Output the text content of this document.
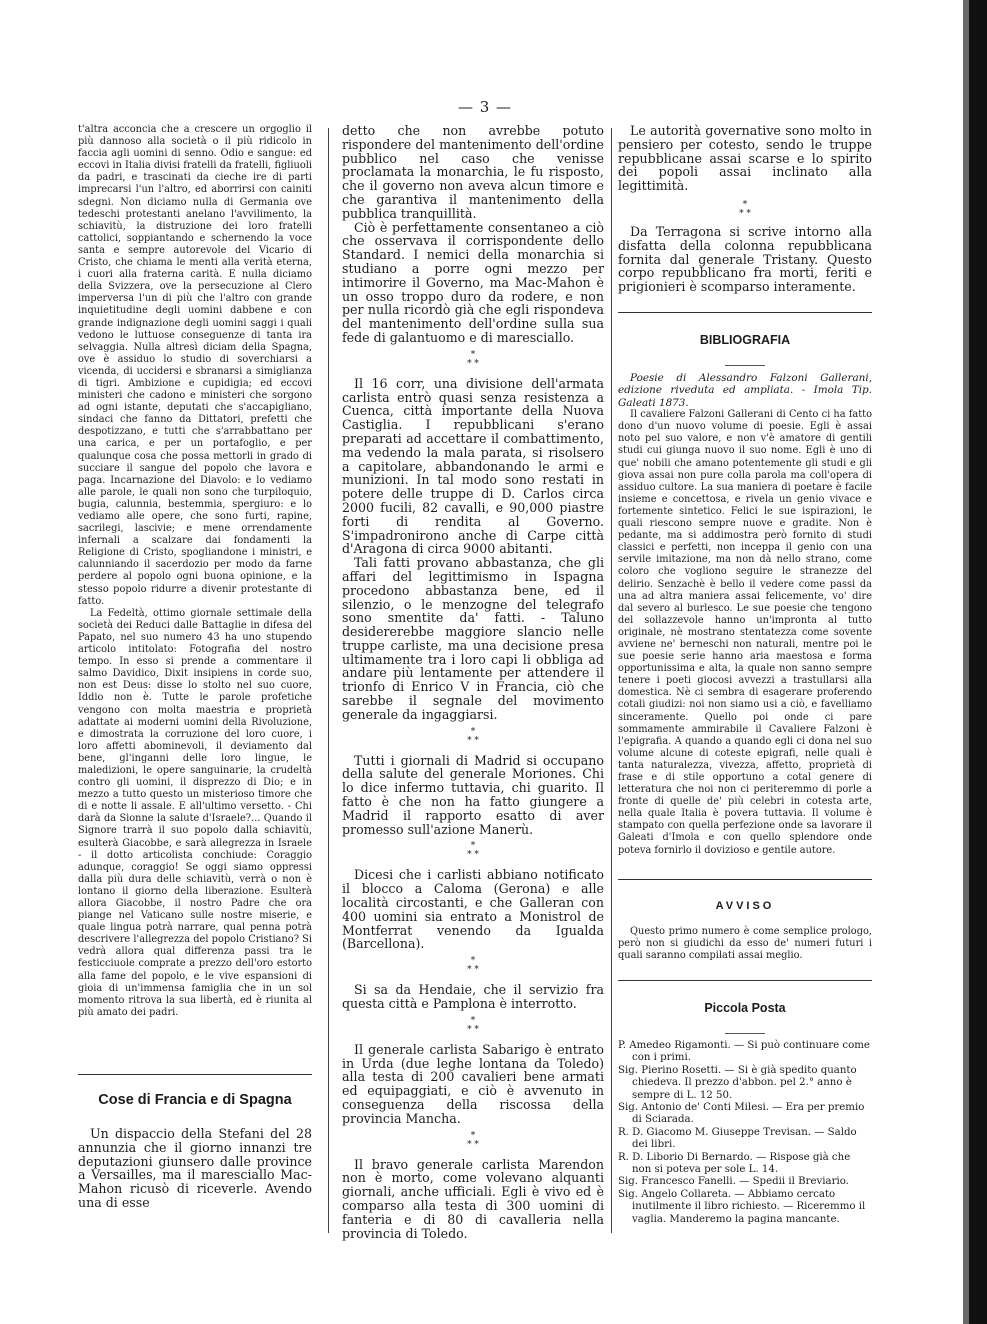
— 3 —

t'altra acconcia che a crescere un orgoglio il più dannoso alla società o il più ridicolo in faccia agli uomini di senno. Odio e sangue: ed eccovi in Italia divisi fratelli da fratelli, figliuoli da padri, e trascinati da cieche ire di parti imprecarsi l'un l'altro, ed aborrirsi con cainiti sdegni. Non diciamo nulla di Germania ove tedeschi protestanti anelano l'avvilimento, la schiavitù, la distruzione dei loro fratelli cattolici, soppiantando e schernendo la voce santa e sempre autorevole del Vicario di Cristo, che chiama le menti alla verità eterna, i cuori alla fraterna carità. E nulla diciamo della Svizzera, ove la persecuzione al Clero imperversa l'un di più che l'altro con grande inquietitudine degli uomini dabbene e con grande indignazione degli uomini saggi i quali vedono le luttuose conseguenze di tanta ira selvaggia. Nulla altresì diciam della Spagna, ove è assiduo lo studio di soverchiarsi a vicenda, di uccidersi e sbranarsi a simiglianza di tigri. Ambizione e cupidigia; ed eccovi ministeri che cadono e ministeri che sorgono ad ogni istante, deputati che s'accapigliano, sindaci che fanno da Dittatori, prefetti che despotizzano, e tutti che s'arrabbattano per una carica, e per un portafoglio, e per qualunque cosa che possa mettorli in grado di succiare il sangue del popolo che lavora e paga. Incarnazione del Diavolo: e lo vediamo alle parole, le quali non sono che turpiloquio, bugia, calunnia, bestemmia, spergiuro: e lo vediamo alle opere, che sono furti, rapine, sacrilegi, lascivie; e mene orrendamente infernali a scalzare dai fondamenti la Religione di Cristo, spogliandone i ministri, e calunniando il sacerdozio per modo da farne perdere al popolo ogni buona opinione, e la stesso popolo ridurre a divenir protestante di fatto.

La Fedeltà, ottimo giornale settimale della società dei Reduci dalle Battaglie in difesa del Papato, nel suo numero 43 ha uno stupendo articolo intitolato: Fotografia del nostro tempo. In esso si prende a commentare il salmo Davidico, Dixit insipiens in corde suo, non est Deus: disse lo stolto nel suo cuore, Iddio non è. Tutte le parole profetiche vengono con molta maestria e proprietà adattate ai moderni uomini della Rivoluzione, e dimostrata la corruzione del loro cuore, i loro affetti abominevoli, il deviamento dal bene, gl'inganni delle loro lingue, le maledizioni, le opere sanguinarie, la crudeltà contro gli uomini, il disprezzo di Dio; e in mezzo a tutto questo un misterioso timore che di e notte li assale. E all'ultimo versetto. - Chi darà da Sionne la salute d'Israele?... Quando il Signore trarrà il suo popolo dalla schiavitù, esulterà Giacobbe, e sarà allegrezza in Israele - il dotto articolista conchiude: Coraggio adunque, coraggio! Se oggi siamo oppressi dalla più dura delle schiavitù, verrà o non è lontano il giorno della liberazione. Esulterà allora Giacobbe, il nostro Padre che ora piange nel Vaticano sulle nostre miserie, e quale lingua potrà narrare, qual penna potrà descrivere l'allegrezza del popolo Cristiano? Si vedrà allora qual differenza passi tra le festicciuole comprate a prezzo dell'oro estorto alla fame del popolo, e le vive espansioni di gioia di un'immensa famiglia che in un sol momento ritrova la sua libertà, ed è riunita al più amato dei padri.

Cose di Francia e di Spagna

Un dispaccio della Stefani del 28 annunzia che il giorno innanzi tre deputazioni giunsero dalle province a Versailles, ma il maresciallo Mac-Mahon ricusò di riceverle. Avendo una di esse

detto che non avrebbe potuto rispondere del mantenimento dell'ordine pubblico nel caso che venisse proclamata la monarchia, le fu risposto, che il governo non aveva alcun timore e che garantiva il mantenimento della pubblica tranquillità.

Ciò è perfettamente consentaneo a ciò che osservava il corrispondente dello Standard. I nemici della monarchia si studiano a porre ogni mezzo per intimorire il Governo, ma Mac-Mahon è un osso troppo duro da rodere, e non per nulla ricordò già che egli rispondeva del mantenimento dell'ordine sulla sua fede di galantuomo e di maresciallo.

*
* *

Il 16 corr, una divisione dell'armata carlista entrò quasi senza resistenza a Cuenca, città importante della Nuova Castiglia. I repubblicani s'erano preparati ad accettare il combattimento, ma vedendo la mala parata, si risolsero a capitolare, abbandonando le armi e munizioni. In tal modo sono restati in potere delle truppe di D. Carlos circa 2000 fucili, 82 cavalli, e 90,000 piastre forti di rendita al Governo. S'impadronirono anche di Carpe città d'Aragona di circa 9000 abitanti.

Tali fatti provano abbastanza, che gli affari del legittimismo in Ispagna procedono abbastanza bene, ed il silenzio, o le menzogne del telegrafo sono smentite da' fatti. - Taluno desidererebbe maggiore slancio nelle truppe carliste, ma una decisione presa ultimamente tra i loro capi li obbliga ad andare più lentamente per attendere il trionfo di Enrico V in Francia, ciò che sarebbe il segnale del movimento generale da ingaggiarsi.

*
* *

Tutti i giornali di Madrid si occupano della salute del generale Moriones. Chi lo dice infermo tuttavia, chi guarito. Il fatto è che non ha fatto giungere a Madrid il rapporto esatto di aver promesso sull'azione Manerù.

*
* *

Dicesi che i carlisti abbiano notificato il blocco a Caloma (Gerona) e alle località circostanti, e che Galleran con 400 uomini sia entrato a Monistrol de Montferrat venendo da Igualda (Barcellona).

*
* *

Si sa da Hendaie, che il servizio fra questa città e Pamplona è interrotto.

*
* *

Il generale carlista Sabarigo è entrato in Urda (due leghe lontana da Toledo) alla testa di 200 cavalieri bene armati ed equipaggiati, e ciò è avvenuto in conseguenza della riscossa della provincia Mancha.

*
* *

Il bravo generale carlista Marendon non è morto, come volevano alquanti giornali, anche ufficiali. Egli è vivo ed è comparso alla testa di 300 uomini di fanteria e di 80 di cavalleria nella provincia di Toledo.

Le autorità governative sono molto in pensiero per cotesto, sendo le truppe repubblicane assai scarse e lo spirito dei popoli assai inclinato alla legittimità.

*
* *

Da Terragona si scrive intorno alla disfatta della colonna repubblicana fornita dal generale Tristany. Questo corpo repubblicano fra morti, feriti e prigionieri è scomparso interamente.

BIBLIOGRAFIA

Poesie di Alessandro Falzoni Gallerani, edizione riveduta ed ampliata. - Imola Tip. Galeati 1873.

Il cavaliere Falzoni Gallerani di Cento ci ha fatto dono d'un nuovo volume di poesie. Egli è assai noto pel suo valore, e non v'è amatore di gentili studi cui giunga nuovo il suo nome. Egli è uno di que' nobili che amano potentemente gli studi e gli giova assai non pure colla parola ma coll'opera di assiduo cultore. La sua maniera di poetare è facile insieme e concettosa, e rivela un genio vivace e fortemente sintetico. Felici le sue ispirazioni, le quali riescono sempre nuove e gradite. Non è pedante, ma si addimostra però fornito di studi classici e perfetti, non inceppa il genio con una servile imitazione, ma non dà nello strano, come coloro che vogliono seguire le stranezze del delirio. Senzachè è bello il vedere come passi da una ad altra maniera assai felicemente, vo' dire dal severo al burlesco. Le sue poesie che tengono del sollazzevole hanno un'impronta al tutto originale, nè mostrano stentatezza come sovente avviene ne' berneschi non naturali, mentre poi le sue poesie serie hanno aria maestosa e forma opportunissima e alta, la quale non sanno sempre tenere i poeti giocosi avvezzi a trastullarsi alla domestica. Nè ci sembra di esagerare proferendo cotali giudizi: noi non siamo usi a ciò, e favelliamo sinceramente. Quello poi onde ci pare sommamente ammirabile il Cavaliere Falzoni è l'epigrafia. A quando a quando egli ci dona nel suo volume alcune di coteste epigrafi, nelle quali è tanta naturalezza, vivezza, affetto, proprietà di frase e di stile opportuno a cotal genere di letteratura che noi non ci periteremmo di porle a fronte di quelle de' più celebri in cotesta arte, nella quale Italia è povera tuttavia. Il volume è stampato con quella perfezione onde sa lavorare il Galeati d'Imola e con quello splendore onde poteva fornirlo il dovizioso e gentile autore.

AVVISO

Questo primo numero è come semplice prologo, però non si giudichi da esso de' numeri futuri i quali saranno compilati assai meglio.

Piccola Posta

P. Amedeo Rigamonti. — Si può continuare come con i primi.

Sig. Pierino Rosetti. — Si è già spedito quanto chiedeva. Il prezzo d'abbon. pel 2.° anno è sempre di L. 12 50.

Sig. Antonio de' Conti Milesi. — Era per premio di Sciarada.

R. D. Giacomo M. Giuseppe Trevisan. — Saldo dei libri.

R. D. Liborio Di Bernardo. — Rispose già che non si poteva per sole L. 14.

Sig. Francesco Fanelli. — Spedii il Breviario.

Sig. Angelo Collareta. — Abbiamo cercato inutilmente il libro richiesto. — Riceremmo il vaglia. Manderemo la pagina mancante.
